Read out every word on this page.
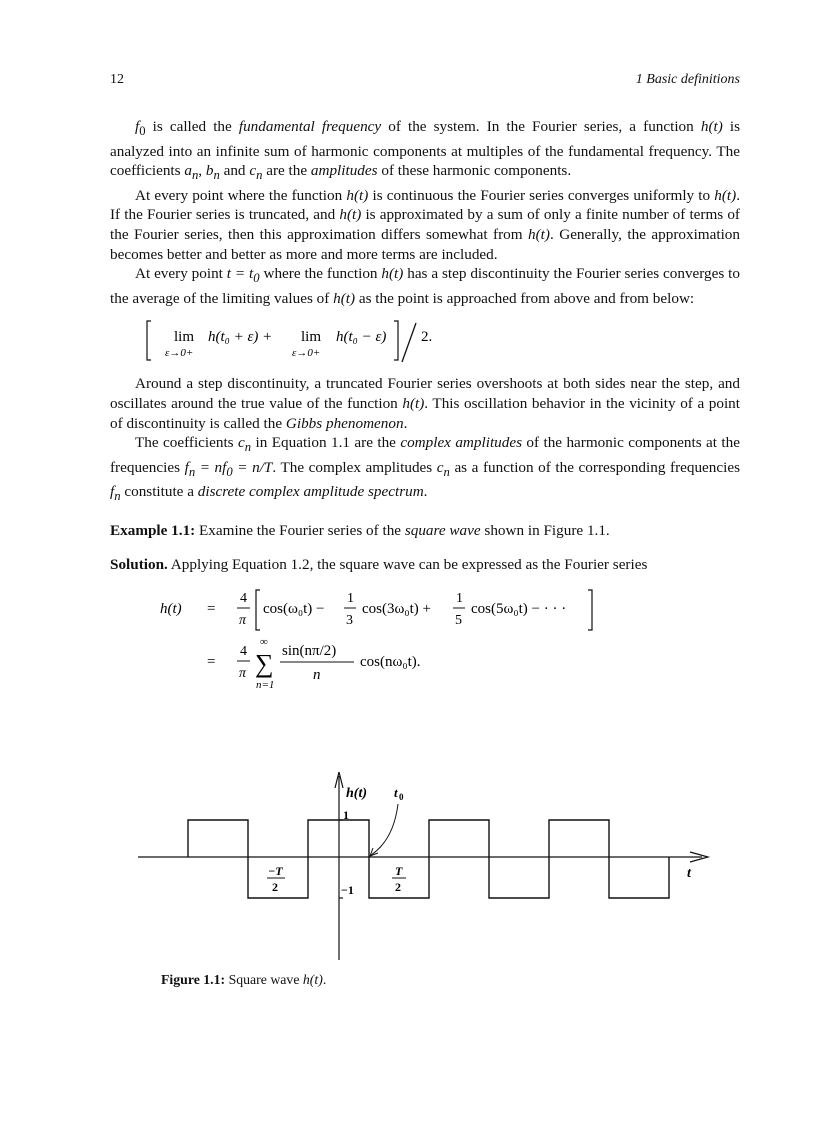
12	1 Basic definitions

$f_0$ is called the fundamental frequency of the system. In the Fourier series, a function h(t) is analyzed into an infinite sum of harmonic components at multiples of the fundamental frequency. The coefficients $a_n$, $b_n$ and $c_n$ are the amplitudes of these harmonic components.

At every point where the function h(t) is continuous the Fourier series converges uniformly to h(t). If the Fourier series is truncated, and h(t) is approximated by a sum of only a finite number of terms of the Fourier series, then this approximation differs somewhat from h(t). Generally, the approximation becomes better and better as more and more terms are included.

At every point $t = t_0$ where the function h(t) has a step discontinuity the Fourier series converges to the average of the limiting values of h(t) as the point is approached from above and from below:

lim
ε→0+
h(t₀ + ε) + lim
ε→0+
h(t₀ − ε) 2.

Around a step discontinuity, a truncated Fourier series overshoots at both sides near the step, and oscillates around the true value of the function h(t). This oscillation behavior in the vicinity of a point of discontinuity is called the Gibbs phenomenon.

The coefficients $c_n$ in Equation 1.1 are the complex amplitudes of the harmonic components at the frequencies $f_n = nf_0 = n/T$. The complex amplitudes $c_n$ as a function of the corresponding frequencies $f_n$ constitute a discrete complex amplitude spectrum.

Example 1.1: Examine the Fourier series of the square wave shown in Figure 1.1.

Solution. Applying Equation 1.2, the square wave can be expressed as the Fourier series

h(t) =
4
π
cos(ω₀t) −
1
3
cos(3ω₀t) +
1
5
cos(5ω₀t) − · · ·
=
4
π
∞
∑
n=1
sin(nπ/2)
n
cos(nω₀t).
h(t) t 0
1
−1
−T
2
T
2
t
Figure 1.1: Square wave h(t).
